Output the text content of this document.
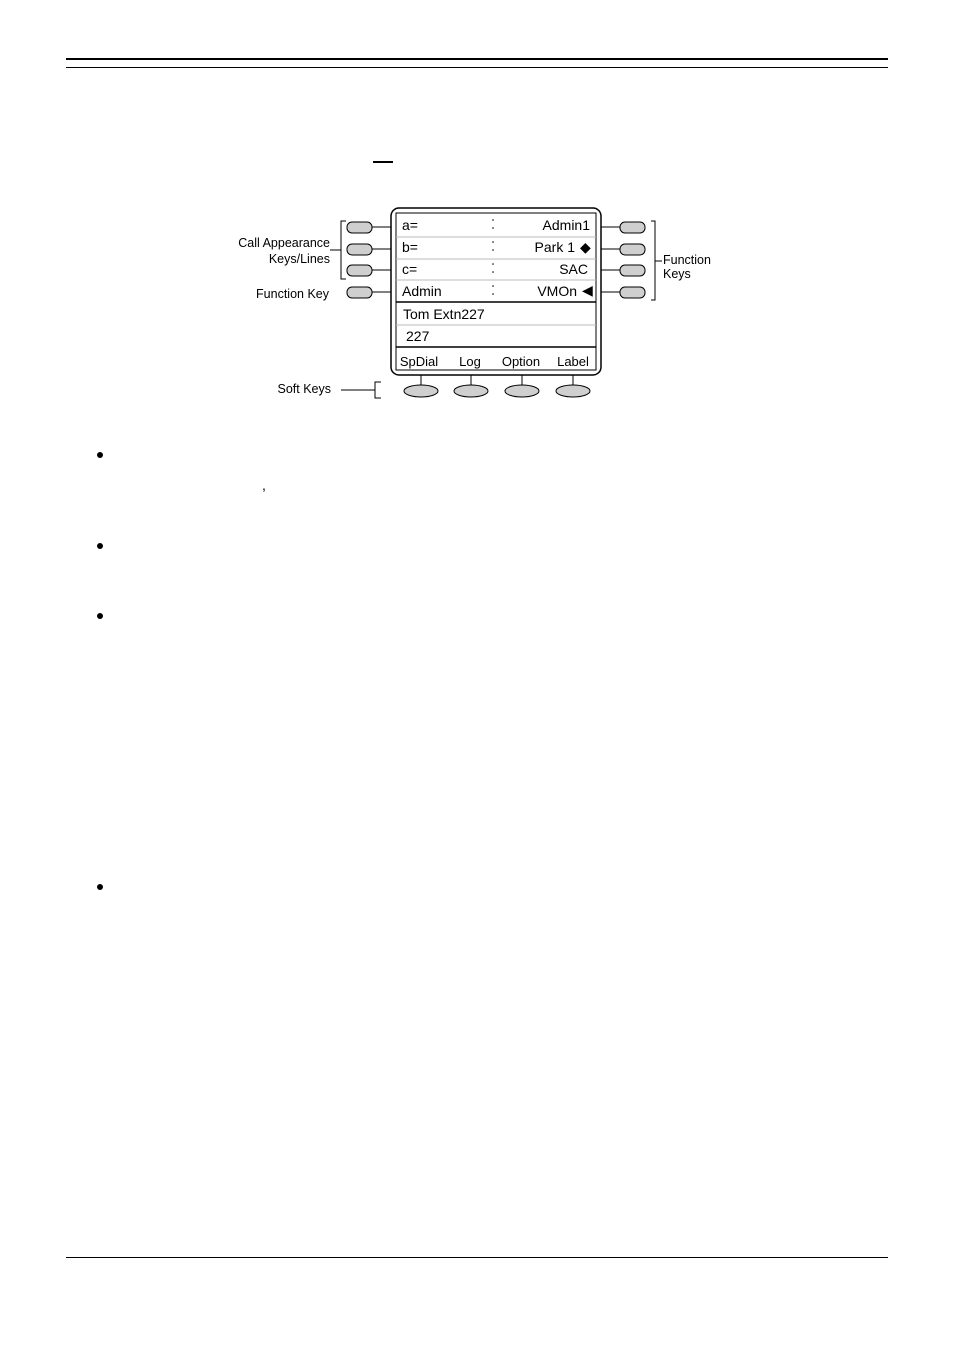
Call Appearance
Keys/Lines
Function Key
Soft Keys
Function
Keys
a=	Admin1
b=	Park 1 ◆
c=	SAC
Admin	VMOn ◀
Tom Extn227
227
SpDial Log Option Label
,
